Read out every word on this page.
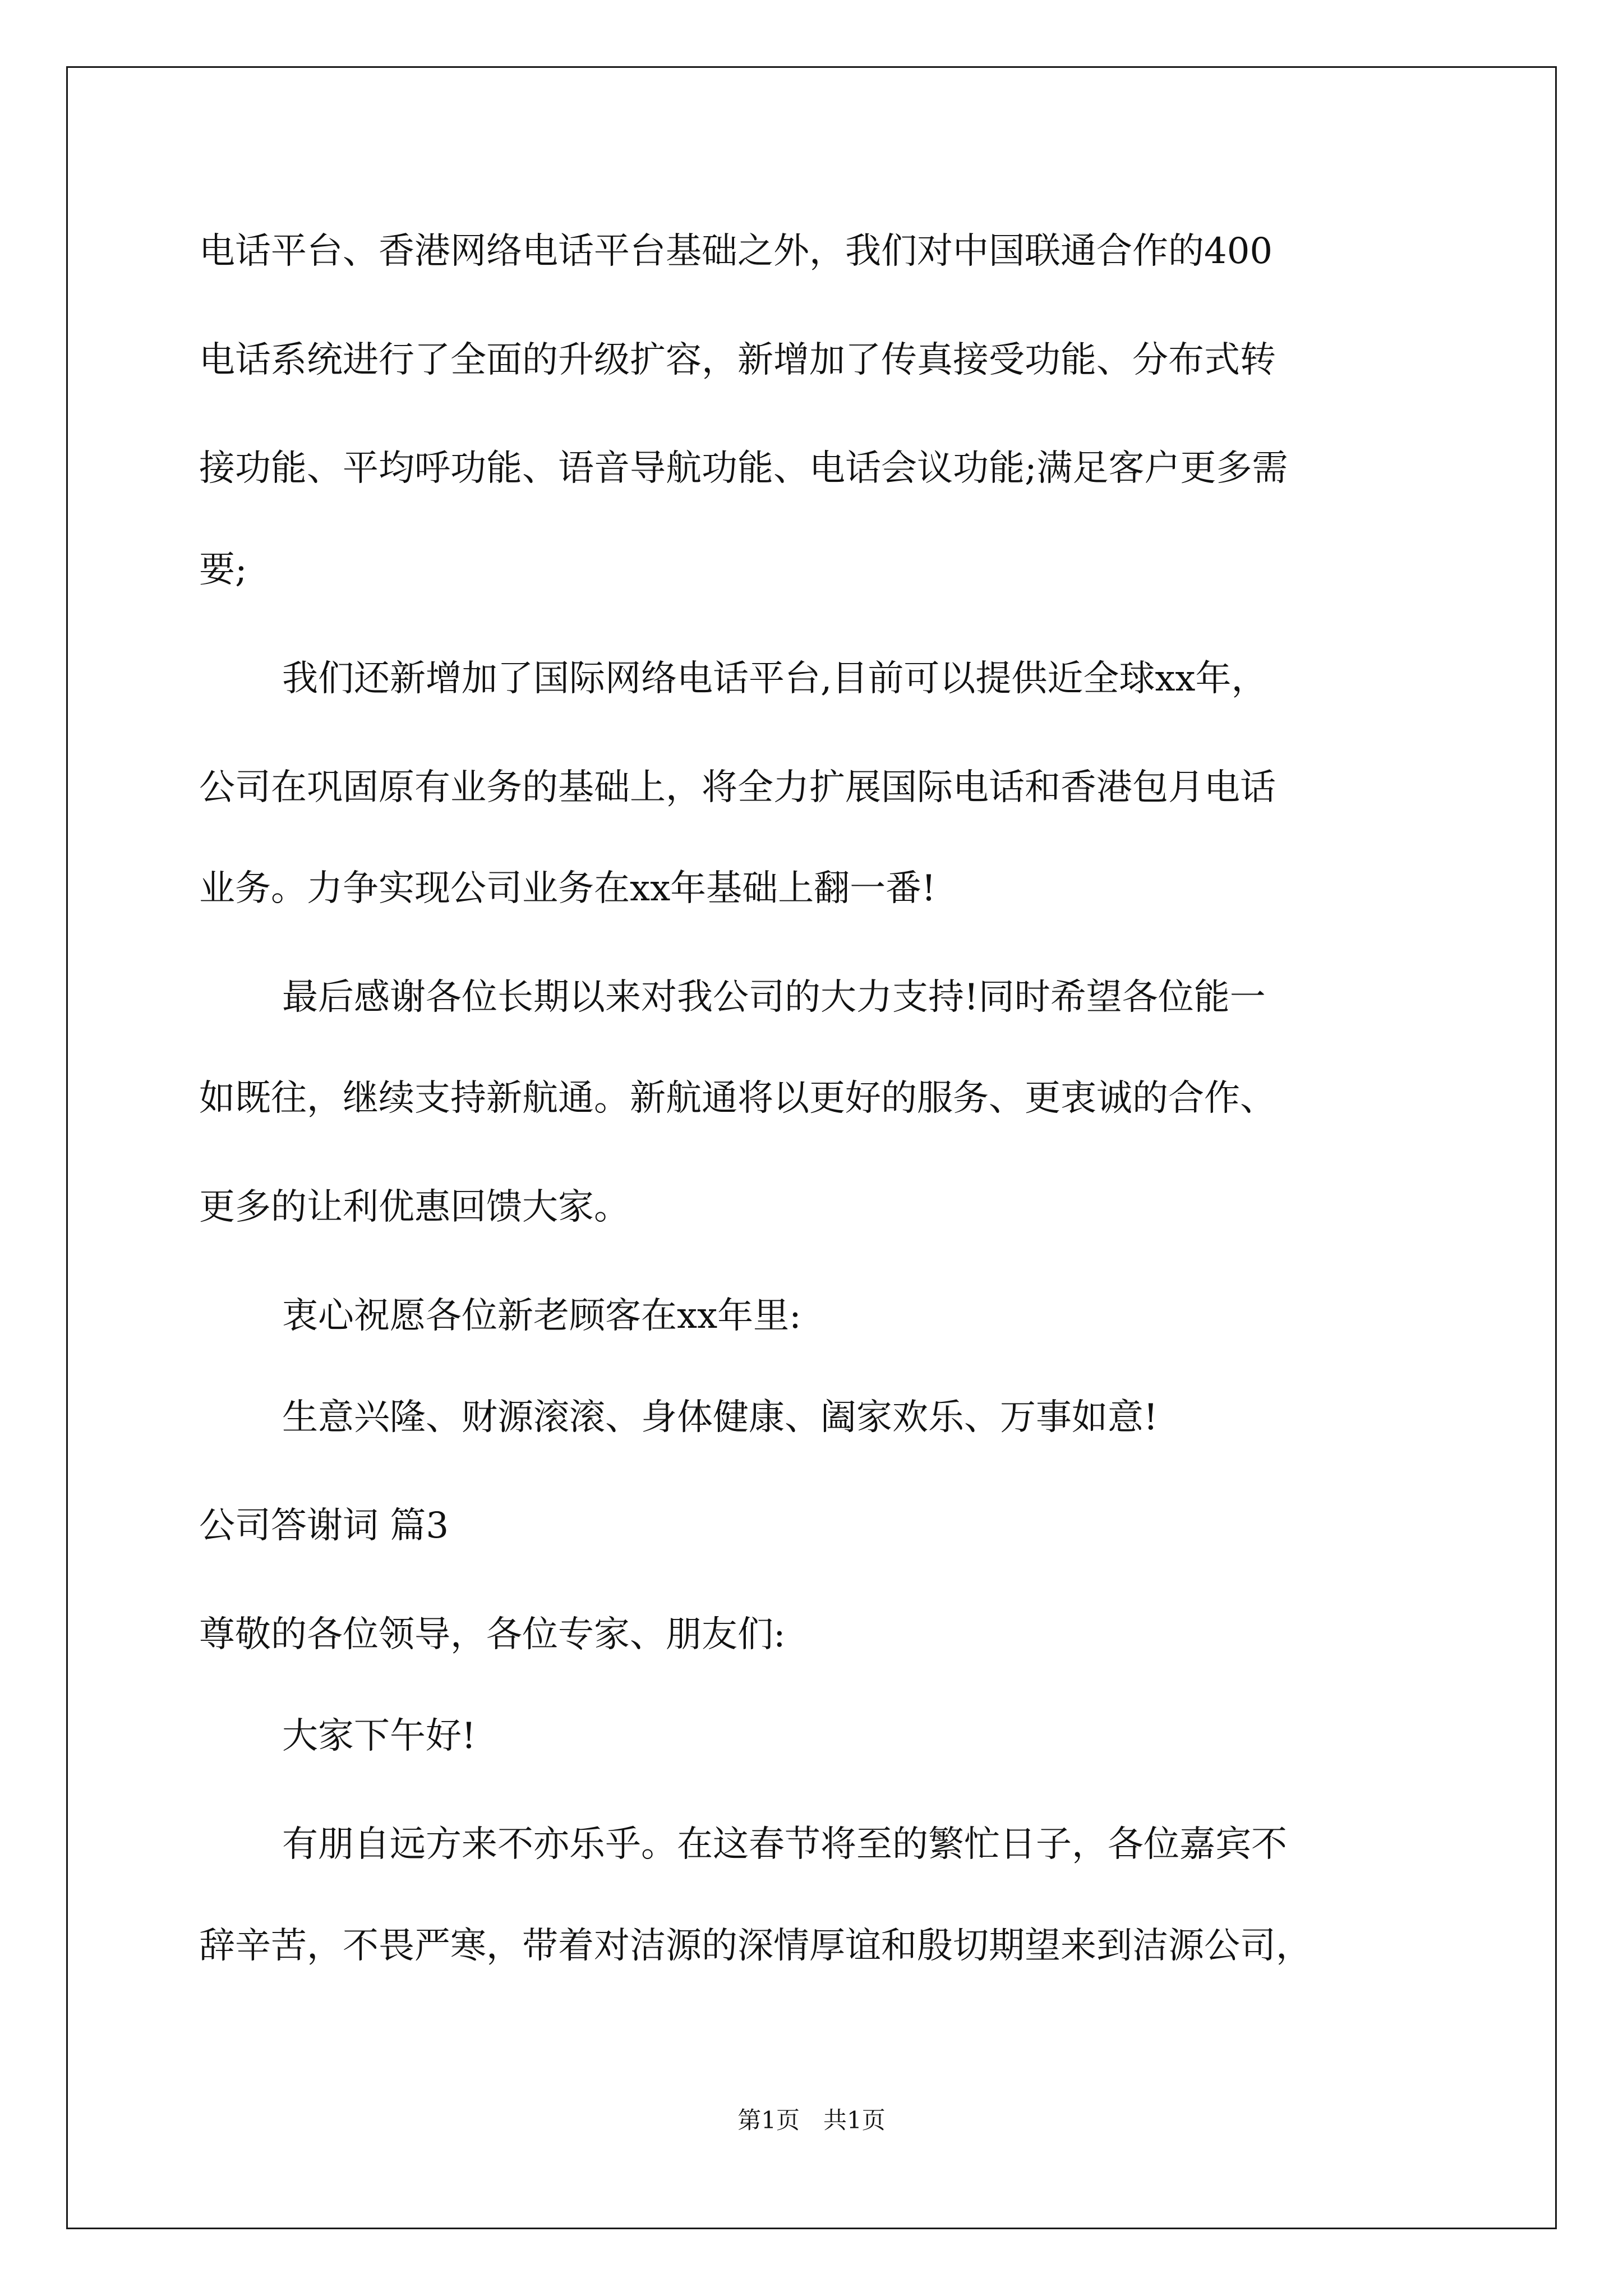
电话平台、香港网络电话平台基础之外，我们对中国联通合作的400
电话系统进行了全面的升级扩容，新增加了传真接受功能、分布式转
接功能、平均呼功能、语音导航功能、电话会议功能;满足客户更多需
要;
我们还新增加了国际网络电话平台,目前可以提供近全球xx年，
公司在巩固原有业务的基础上，将全力扩展国际电话和香港包月电话
业务。力争实现公司业务在xx年基础上翻一番!
最后感谢各位长期以来对我公司的大力支持!同时希望各位能一
如既往，继续支持新航通。新航通将以更好的服务、更衷诚的合作、
更多的让利优惠回馈大家。
衷心祝愿各位新老顾客在xx年里:
生意兴隆、财源滚滚、身体健康、阖家欢乐、万事如意!
公司答谢词 篇3
尊敬的各位领导，各位专家、朋友们:
大家下午好!
有朋自远方来不亦乐乎。在这春节将至的繁忙日子，各位嘉宾不
辞辛苦，不畏严寒，带着对洁源的深情厚谊和殷切期望来到洁源公司，
第1页 共1页
